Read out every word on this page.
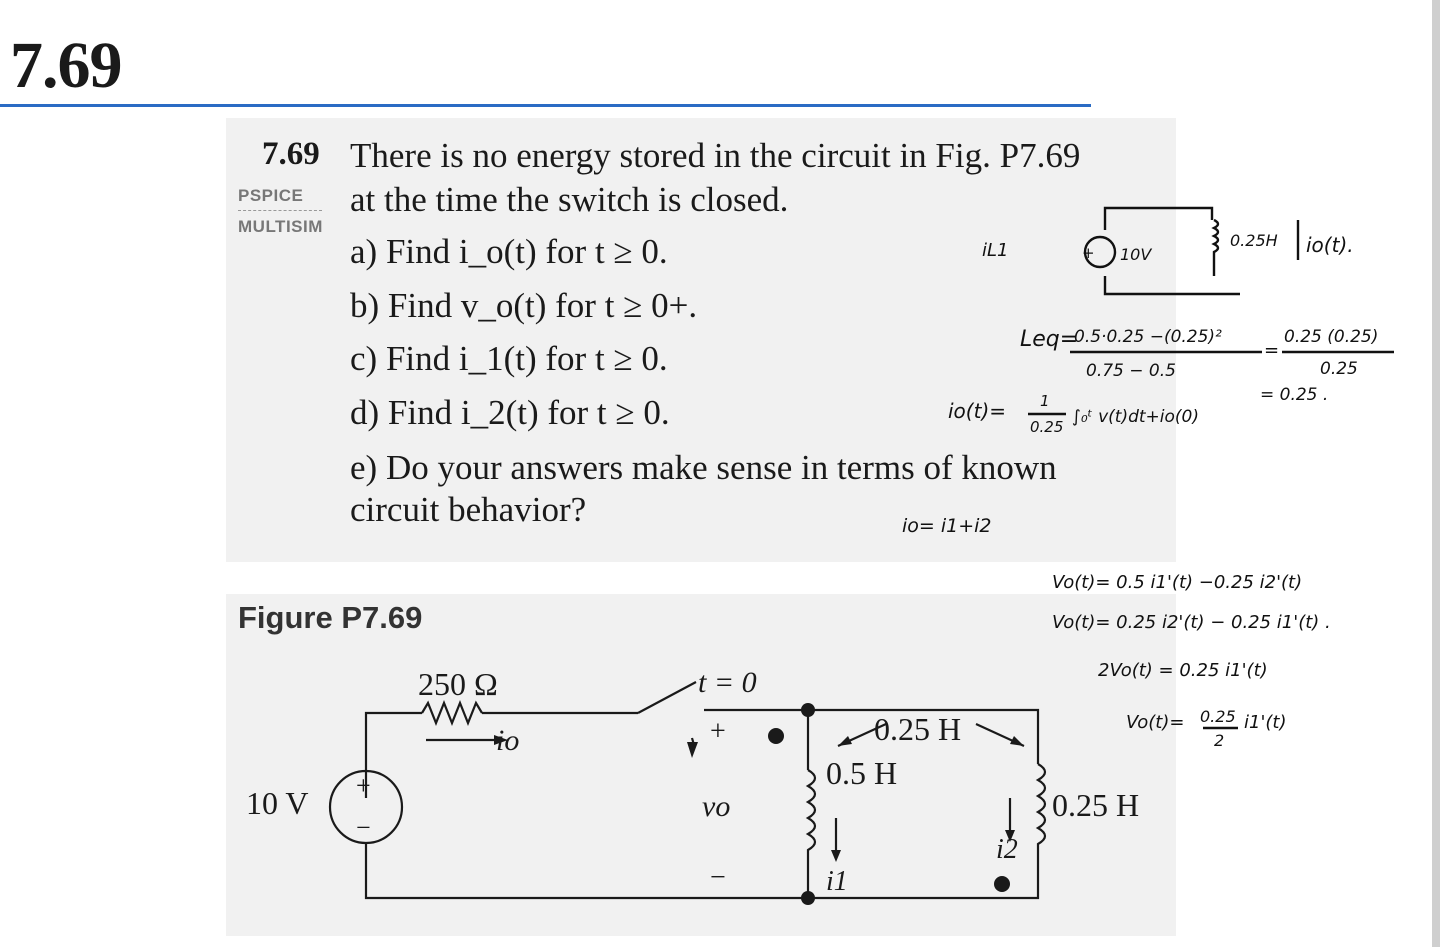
7.69
7.69
PSPICE
MULTISIM
There is no energy stored in the circuit in Fig. P7.69
at the time the switch is closed.
a) Find i_o(t) for t ≥ 0.
b) Find v_o(t) for t ≥ 0+.
c) Find i_1(t) for t ≥ 0.
d) Find i_2(t) for t ≥ 0.
e) Do your answers make sense in terms of known circuit behavior?
Figure P7.69
250 Ω	t = 0
10 V +
−
io	+
vo
−
0.25 H
0.5 H
0.25 H
i1
i2
+
iL1	10V
0.25H io(t).
Leq=
0.5·0.25 −(0.25)²
0.75 − 0.5
=
0.25 (0.25)
0.25
= 0.25 .
io(t)= 1
0.25 ∫₀ᵗ v(t)dt+io(0)
io= i1+i2
Vo(t)= 0.5 i1'(t) −0.25 i2'(t)
Vo(t)= 0.25 i2'(t) − 0.25 i1'(t) .
2Vo(t) = 0.25 i1'(t)
Vo(t)= 0.25
2
i1'(t)
